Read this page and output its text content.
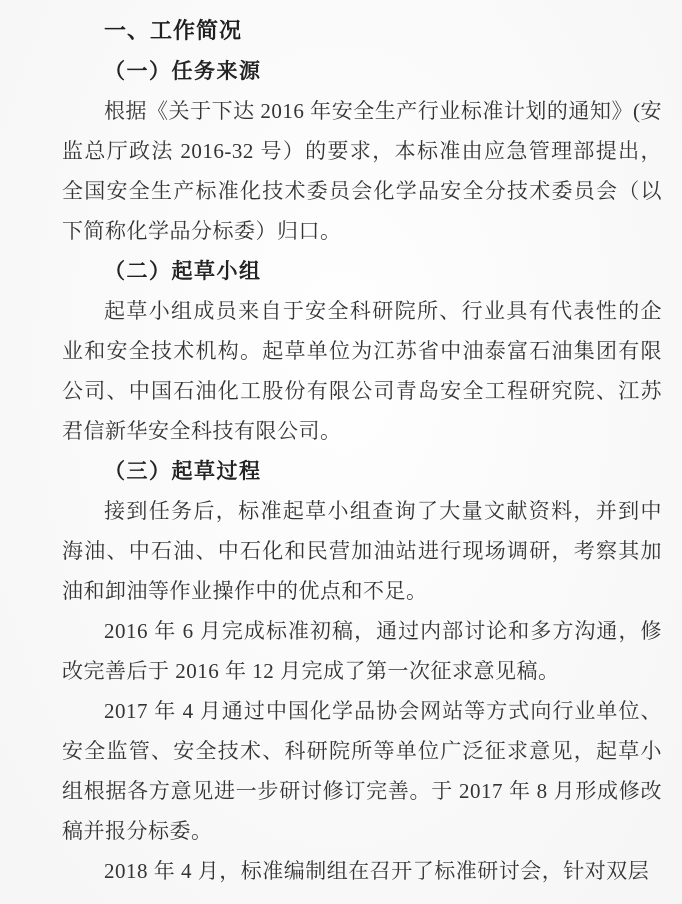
一、工作简况
（一）任务来源

根据《关于下达 2016 年安全生产行业标准计划的通知》(安监总厅政法 2016-32 号）的要求，本标准由应急管理部提出，全国安全生产标准化技术委员会化学品安全分技术委员会（以下简称化学品分标委）归口。

（二）起草小组

起草小组成员来自于安全科研院所、行业具有代表性的企业和安全技术机构。起草单位为江苏省中油泰富石油集团有限公司、中国石油化工股份有限公司青岛安全工程研究院、江苏君信新华安全科技有限公司。

（三）起草过程

接到任务后，标准起草小组查询了大量文献资料，并到中海油、中石油、中石化和民营加油站进行现场调研，考察其加油和卸油等作业操作中的优点和不足。

2016 年 6 月完成标准初稿，通过内部讨论和多方沟通，修改完善后于 2016 年 12 月完成了第一次征求意见稿。

2017 年 4 月通过中国化学品协会网站等方式向行业单位、安全监管、安全技术、科研院所等单位广泛征求意见，起草小组根据各方意见进一步研讨修订完善。于 2017 年 8 月形成修改稿并报分标委。

2018 年 4 月，标准编制组在召开了标准研讨会，针对双层
